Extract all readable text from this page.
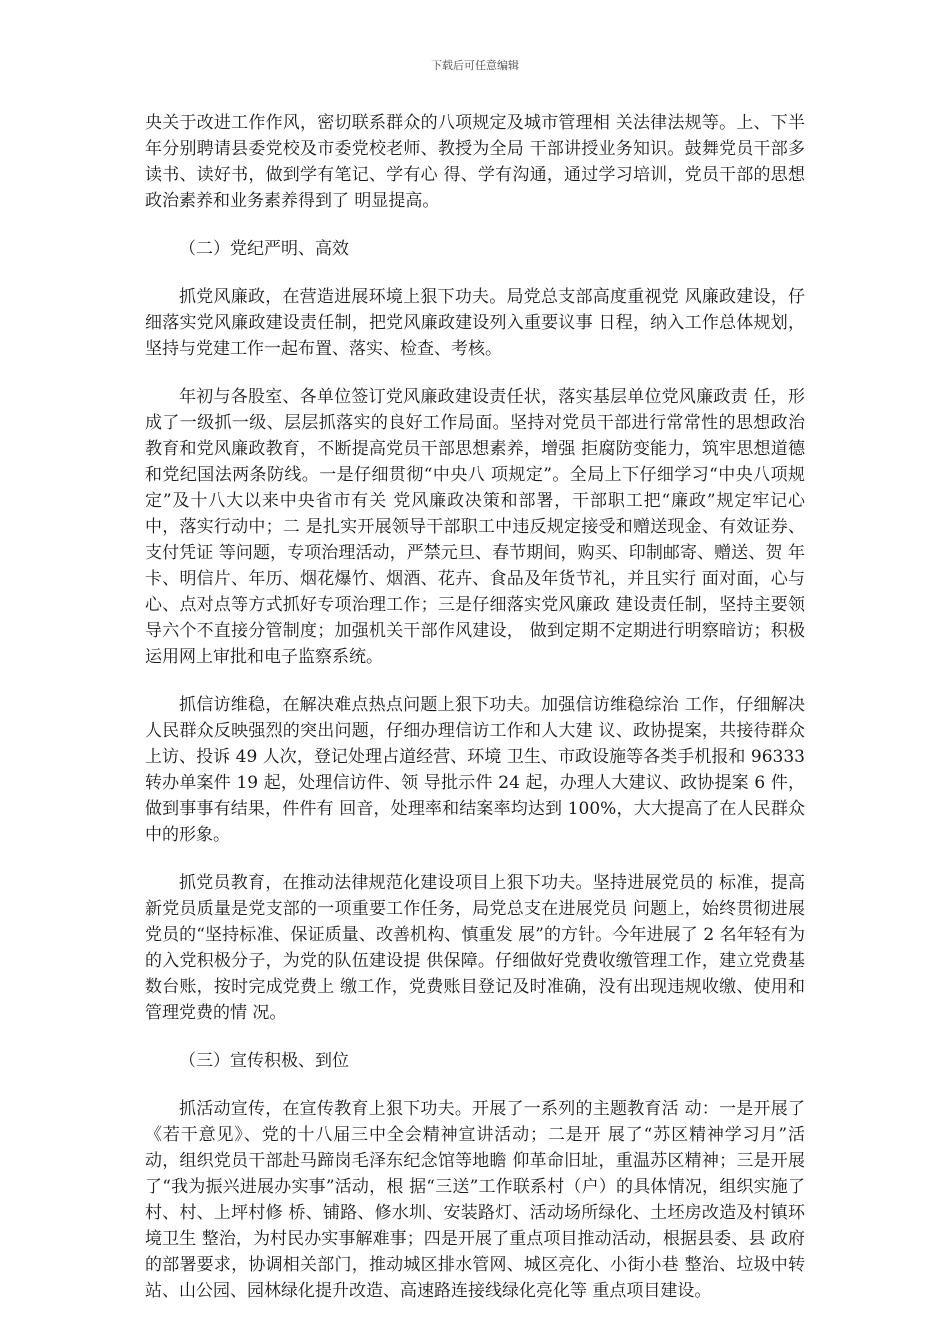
下载后可任意编辑

央关于改进工作作风，密切联系群众的八项规定及城市管理相 关法律法规等。上、下半年分别聘请县委党校及市委党校老师、教授为全局 干部讲授业务知识。鼓舞党员干部多读书、读好书，做到学有笔记、学有心 得、学有沟通，通过学习培训，党员干部的思想政治素养和业务素养得到了 明显提高。

（二）党纪严明、高效

抓党风廉政，在营造进展环境上狠下功夫。局党总支部高度重视党 风廉政建设，仔细落实党风廉政建设责任制，把党风廉政建设列入重要议事 日程，纳入工作总体规划，坚持与党建工作一起布置、落实、检查、考核。

年初与各股室、各单位签订党风廉政建设责任状，落实基层单位党风廉政责 任，形成了一级抓一级、层层抓落实的良好工作局面。坚持对党员干部进行常常性的思想政治教育和党风廉政教育，不断提高党员干部思想素养，增强 拒腐防变能力，筑牢思想道德和党纪国法两条防线。一是仔细贯彻“中央八 项规定”。全局上下仔细学习“中央八项规定”及十八大以来中央省市有关 党风廉政决策和部署，干部职工把“廉政”规定牢记心中，落实行动中；二 是扎实开展领导干部职工中违反规定接受和赠送现金、有效证券、支付凭证 等问题，专项治理活动，严禁元旦、春节期间，购买、印制邮寄、赠送、贺 年卡、明信片、年历、烟花爆竹、烟酒、花卉、食品及年货节礼，并且实行 面对面，心与心、点对点等方式抓好专项治理工作；三是仔细落实党风廉政 建设责任制，坚持主要领导六个不直接分管制度；加强机关干部作风建设， 做到定期不定期进行明察暗访；积极运用网上审批和电子监察系统。

抓信访维稳，在解决难点热点问题上狠下功夫。加强信访维稳综治 工作，仔细解决人民群众反映强烈的突出问题，仔细办理信访工作和人大建 议、政协提案，共接待群众上访、投诉 49 人次，登记处理占道经营、环境 卫生、市政设施等各类手机报和 96333 转办单案件 19 起，处理信访件、领 导批示件 24 起，办理人大建议、政协提案 6 件，做到事事有结果，件件有 回音，处理率和结案率均达到 100%，大大提高了在人民群众中的形象。

抓党员教育，在推动法律规范化建设项目上狠下功夫。坚持进展党员的 标准，提高新党员质量是党支部的一项重要工作任务，局党总支在进展党员 问题上，始终贯彻进展党员的“坚持标准、保证质量、改善机构、慎重发 展”的方针。今年进展了 2 名年轻有为的入党积极分子，为党的队伍建设提 供保障。仔细做好党费收缴管理工作，建立党费基数台账，按时完成党费上 缴工作，党费账目登记及时准确，没有出现违规收缴、使用和管理党费的情 况。

（三）宣传积极、到位

抓活动宣传，在宣传教育上狠下功夫。开展了一系列的主题教育活 动：一是开展了《若干意见》、党的十八届三中全会精神宣讲活动；二是开 展了“苏区精神学习月”活动，组织党员干部赴马蹄岗毛泽东纪念馆等地瞻 仰革命旧址，重温苏区精神；三是开展了“我为振兴进展办实事”活动，根 据“三送”工作联系村（户）的具体情况，组织实施了村、村、上坪村修 桥、铺路、修水圳、安装路灯、活动场所绿化、土坯房改造及村镇环境卫生 整治，为村民办实事解难事；四是开展了重点项目推动活动，根据县委、县 政府的部署要求，协调相关部门，推动城区排水管网、城区亮化、小街小巷 整治、垃圾中转站、山公园、园林绿化提升改造、高速路连接线绿化亮化等 重点项目建设。
